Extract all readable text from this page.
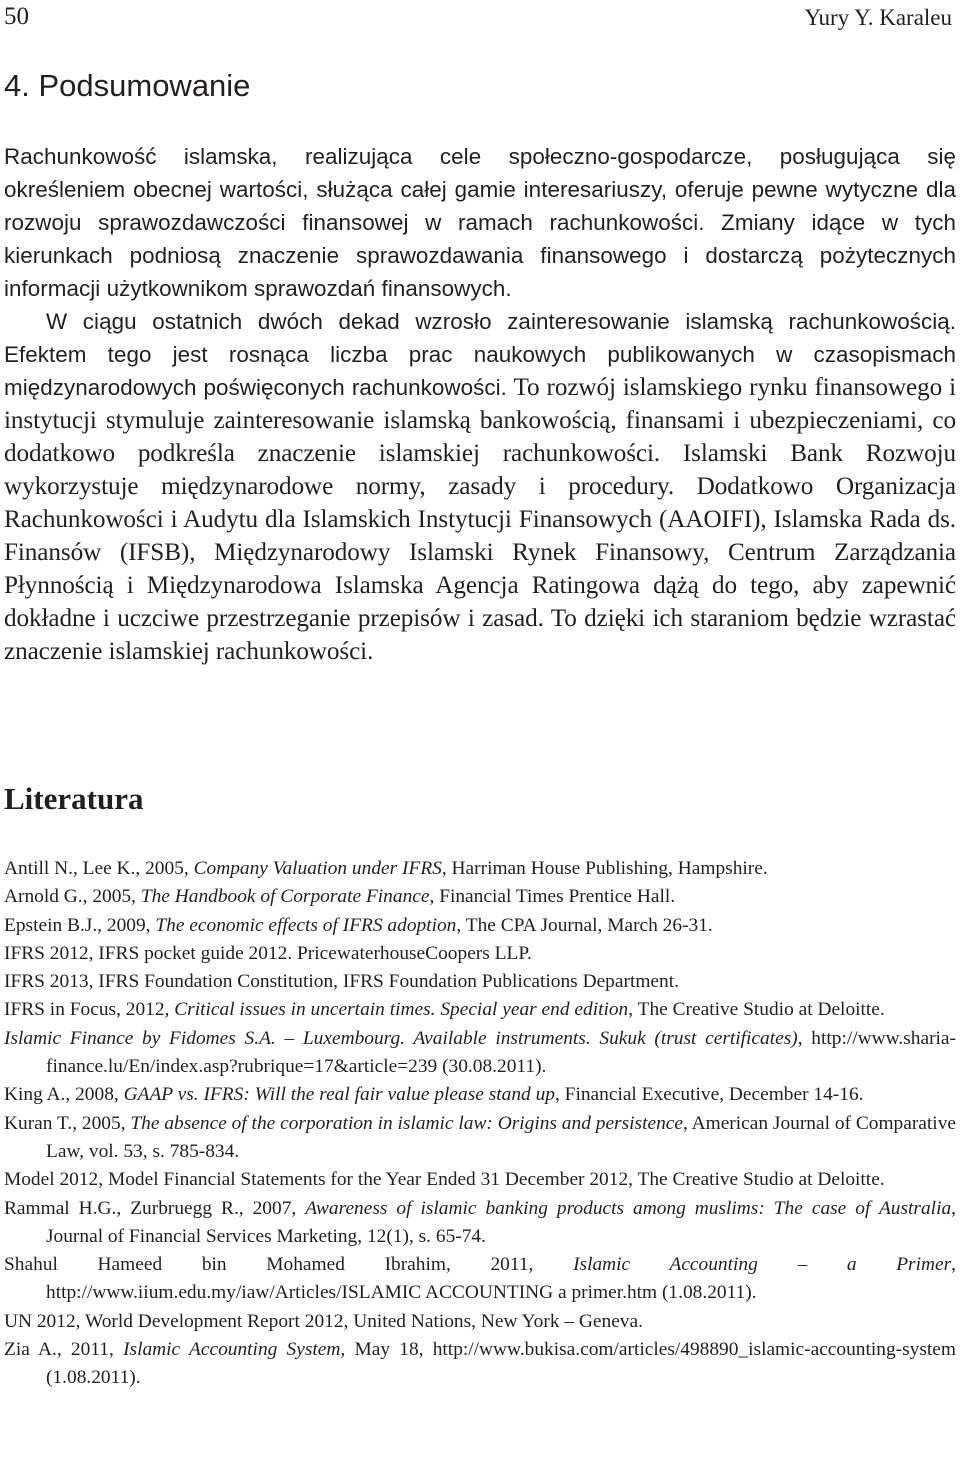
50	Yury Y. Karaleu
4. Podsumowanie

Rachunkowość islamska, realizująca cele społeczno-gospodarcze, posługująca się określeniem obecnej wartości, służąca całej gamie interesariuszy, oferuje pewne wytyczne dla rozwoju sprawozdawczości finansowej w ramach rachunkowości. Zmiany idące w tych kierunkach podniosą znaczenie sprawozdawania finansowego i dostarczą pożytecznych informacji użytkownikom sprawozdań finansowych.

W ciągu ostatnich dwóch dekad wzrosło zainteresowanie islamską rachunkowością. Efektem tego jest rosnąca liczba prac naukowych publikowanych w czasopismach międzynarodowych poświęconych rachunkowości. To rozwój islamskiego rynku finansowego i instytucji stymuluje zainteresowanie islamską bankowością, finansami i ubezpieczeniami, co dodatkowo podkreśla znaczenie islamskiej rachunkowości. Islamski Bank Rozwoju wykorzystuje międzynarodowe normy, zasady i procedury. Dodatkowo Organizacja Rachunkowości i Audytu dla Islamskich Instytucji Finansowych (AAOIFI), Islamska Rada ds. Finansów (IFSB), Międzynarodowy Islamski Rynek Finansowy, Centrum Zarządzania Płynnością i Międzynarodowa Islamska Agencja Ratingowa dążą do tego, aby zapewnić dokładne i uczciwe przestrzeganie przepisów i zasad. To dzięki ich staraniom będzie wzrastać znaczenie islamskiej rachunkowości.

Literatura
Antill N., Lee K., 2005, Company Valuation under IFRS, Harriman House Publishing, Hampshire.
Arnold G., 2005, The Handbook of Corporate Finance, Financial Times Prentice Hall.
Epstein B.J., 2009, The economic effects of IFRS adoption, The CPA Journal, March 26-31.
IFRS 2012, IFRS pocket guide 2012. PricewaterhouseCoopers LLP.
IFRS 2013, IFRS Foundation Constitution, IFRS Foundation Publications Department.
IFRS in Focus, 2012, Critical issues in uncertain times. Special year end edition, The Creative Studio at Deloitte.
Islamic Finance by Fidomes S.A. – Luxembourg. Available instruments. Sukuk (trust certificates), http://www.sharia-finance.lu/En/index.asp?rubrique=17&article=239 (30.08.2011).
King A., 2008, GAAP vs. IFRS: Will the real fair value please stand up, Financial Executive, December 14-16.
Kuran T., 2005, The absence of the corporation in islamic law: Origins and persistence, American Journal of Comparative Law, vol. 53, s. 785-834.
Model 2012, Model Financial Statements for the Year Ended 31 December 2012, The Creative Studio at Deloitte.
Rammal H.G., Zurbruegg R., 2007, Awareness of islamic banking products among muslims: The case of Australia, Journal of Financial Services Marketing, 12(1), s. 65-74.
Shahul Hameed bin Mohamed Ibrahim, 2011, Islamic Accounting – a Primer, http://www.iium.edu.my/iaw/Articles/ISLAMIC ACCOUNTING a primer.htm (1.08.2011).
UN 2012, World Development Report 2012, United Nations, New York – Geneva.
Zia A., 2011, Islamic Accounting System, May 18, http://www.bukisa.com/articles/498890_islamic-accounting-system (1.08.2011).
